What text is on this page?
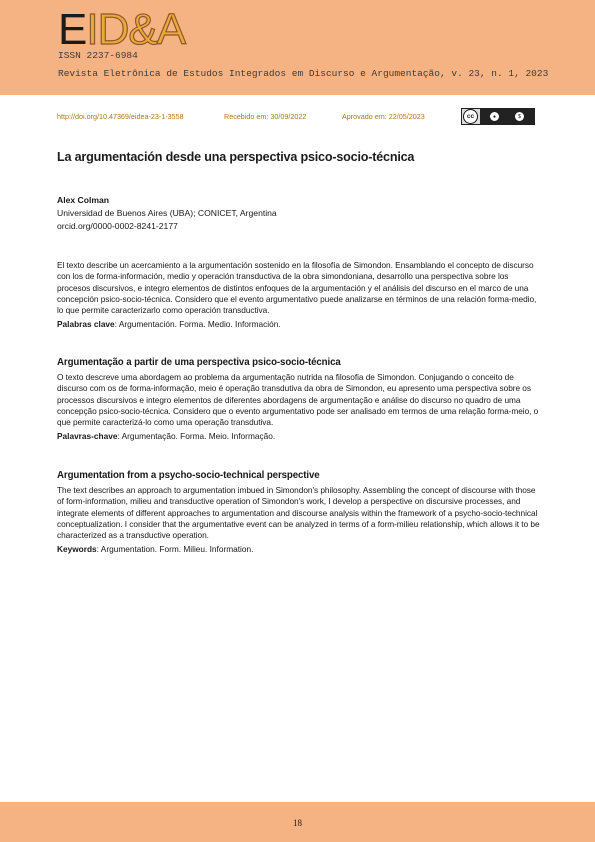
E ID&A
ISSN 2237-6984
Revista Eletrônica de Estudos Integrados em Discurso e Argumentação, v. 23, n. 1, 2023
http://doi.org/10.47369/eidea-23-1-3558	Recebido em: 30/09/2022	Aprovado em: 22/05/2023	cc	●	$
La argumentación desde una perspectiva psico-socio-técnica
Alex Colman
Universidad de Buenos Aires (UBA); CONICET, Argentina
orcid.org/0000-0002-8241-2177

El texto describe un acercamiento a la argumentación sostenido en la filosofía de Simondon. Ensamblando el concepto de discurso con los de forma-información, medio y operación transductiva de la obra simondoniana, desarrollo una perspectiva sobre los procesos discursivos, e integro elementos de distintos enfoques de la argumentación y el análisis del discurso en el marco de una concepción psico-socio-técnica. Considero que el evento argumentativo puede analizarse en términos de una relación forma-medio, lo que permite caracterizarlo como operación transductiva.

Palabras clave: Argumentación. Forma. Medio. Información.

Argumentação a partir de uma perspectiva psico-socio-técnica

O texto descreve uma abordagem ao problema da argumentação nutrida na filosofia de Simondon. Conjugando o conceito de discurso com os de forma-informação, meio é operação transdutiva da obra de Simondon, eu apresento uma perspectiva sobre os processos discursivos e integro elementos de diferentes abordagens de argumentação e análise do discurso no quadro de uma concepção psico-socio-técnica. Considero que o evento argumentativo pode ser analisado em termos de uma relação forma-meio, o que permite caracterizá-lo como uma operação transdutiva.

Palavras-chave: Argumentação. Forma. Meio. Informação.

Argumentation from a psycho-socio-technical perspective

The text describes an approach to argumentation imbued in Simondon's philosophy. Assembling the concept of discourse with those of form-information, milieu and transductive operation of Simondon's work, I develop a perspective on discursive processes, and integrate elements of different approaches to argumentation and discourse analysis within the framework of a psycho-socio-technical conceptualization. I consider that the argumentative event can be analyzed in terms of a form-milieu relationship, which allows it to be characterized as a transductive operation.

Keywords: Argumentation. Form. Milieu. Information.

18
